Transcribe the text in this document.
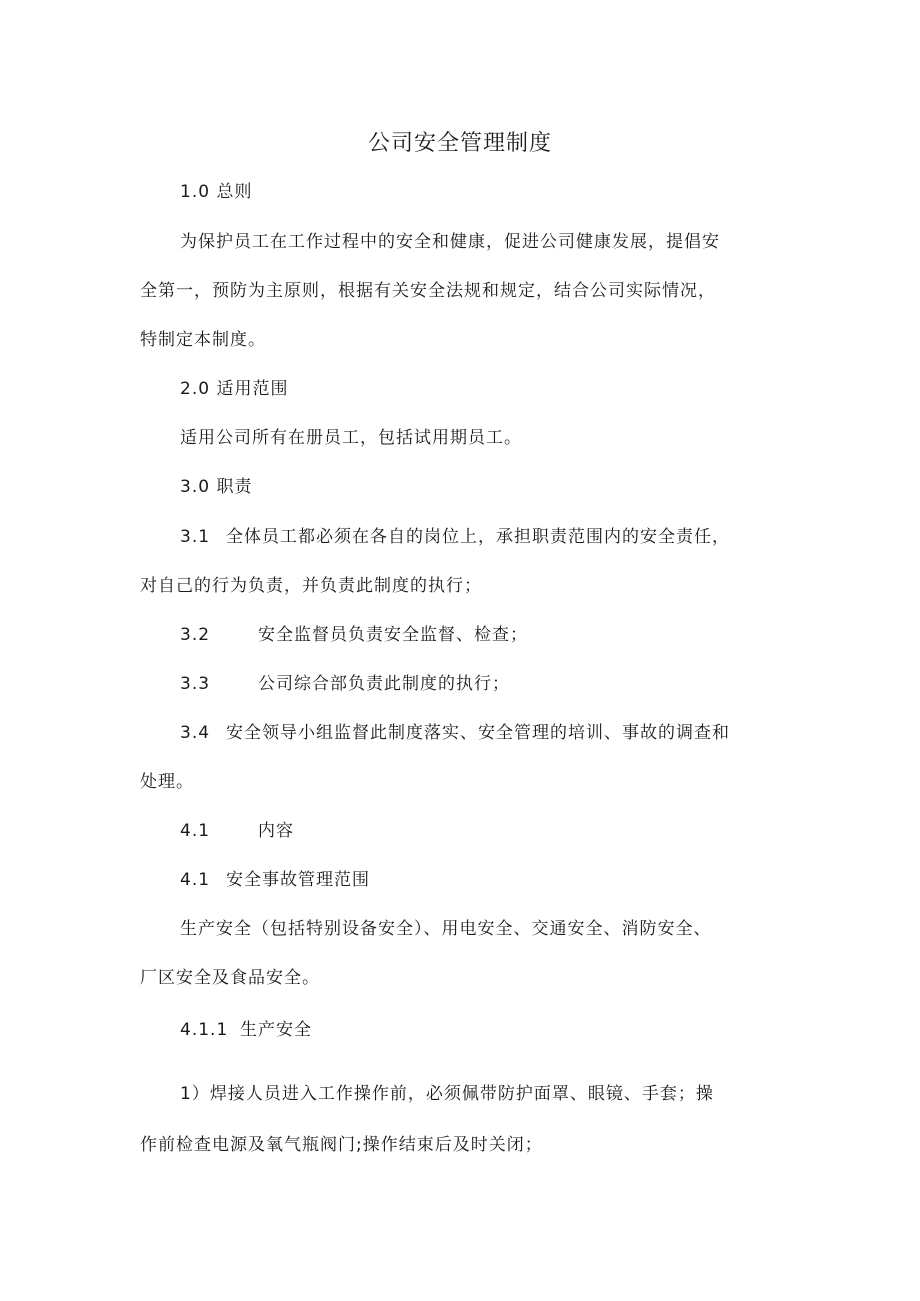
公司安全管理制度
1.0 总则
为保护员工在工作过程中的安全和健康，促进公司健康发展，提倡安
全第一，预防为主原则，根据有关安全法规和规定，结合公司实际情况，
特制定本制度。
2.0 适用范围
适用公司所有在册员工，包括试用期员工。
3.0 职责
3.1 全体员工都必须在各自的岗位上，承担职责范围内的安全责任，
对自己的行为负责，并负责此制度的执行；
3.2	安全监督员负责安全监督、检查；
3.3	公司综合部负责此制度的执行；
3.4 安全领导小组监督此制度落实、安全管理的培训、事故的调查和
处理。
4.1	内容
4.1 安全事故管理范围
生产安全（包括特别设备安全）、用电安全、交通安全、消防安全、
厂区安全及食品安全。
4.1.1 生产安全
1）焊接人员进入工作操作前，必须佩带防护面罩、眼镜、手套；操
作前检查电源及氧气瓶阀门;操作结束后及时关闭；
